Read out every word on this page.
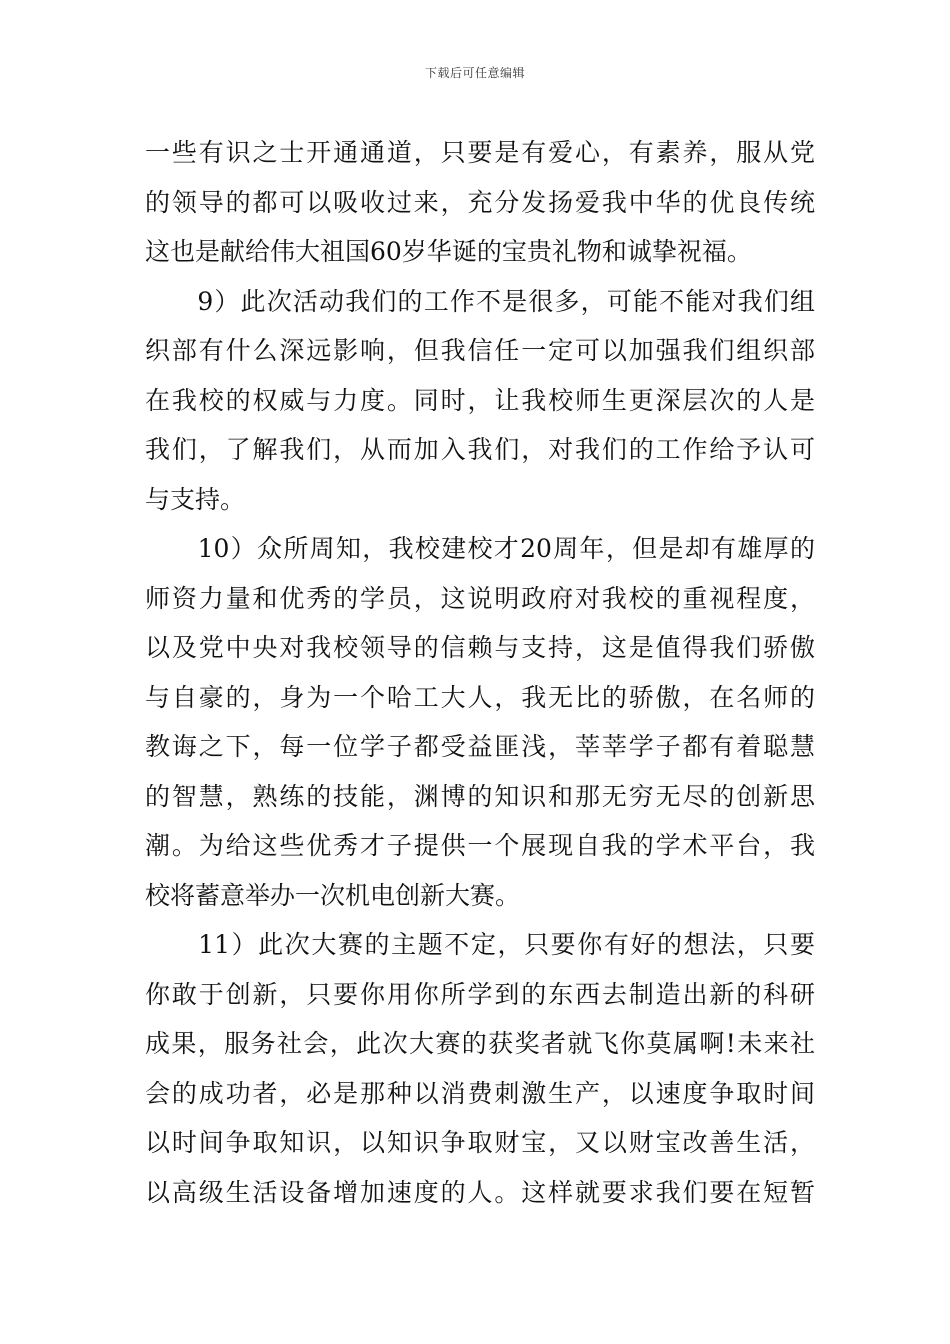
下载后可任意编辑
一些有识之士开通通道，只要是有爱心，有素养，服从党
的领导的都可以吸收过来，充分发扬爱我中华的优良传统
这也是献给伟大祖国60岁华诞的宝贵礼物和诚挚祝福。
　　9）此次活动我们的工作不是很多，可能不能对我们组
织部有什么深远影响，但我信任一定可以加强我们组织部
在我校的权威与力度。同时，让我校师生更深层次的人是
我们，了解我们，从而加入我们，对我们的工作给予认可
与支持。
　　10）众所周知，我校建校才20周年，但是却有雄厚的
师资力量和优秀的学员，这说明政府对我校的重视程度，
以及党中央对我校领导的信赖与支持，这是值得我们骄傲
与自豪的，身为一个哈工大人，我无比的骄傲，在名师的
教诲之下，每一位学子都受益匪浅，莘莘学子都有着聪慧
的智慧，熟练的技能，渊博的知识和那无穷无尽的创新思
潮。为给这些优秀才子提供一个展现自我的学术平台，我
校将蓄意举办一次机电创新大赛。
　　11）此次大赛的主题不定，只要你有好的想法，只要
你敢于创新，只要你用你所学到的东西去制造出新的科研
成果，服务社会，此次大赛的获奖者就飞你莫属啊!未来社
会的成功者，必是那种以消费刺激生产，以速度争取时间
以时间争取知识，以知识争取财宝，又以财宝改善生活，
以高级生活设备增加速度的人。这样就要求我们要在短暂
